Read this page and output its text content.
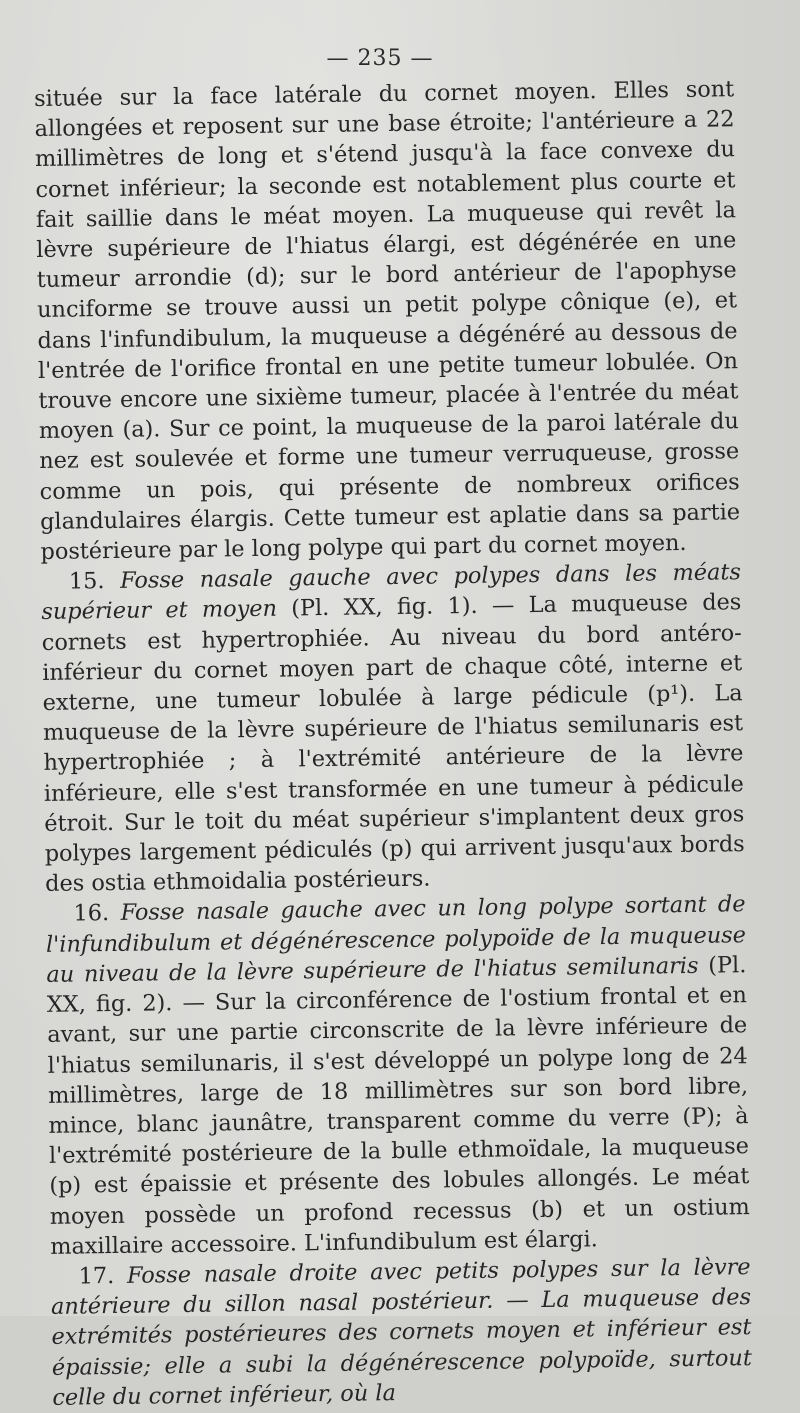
— 235 —

située sur la face latérale du cornet moyen. Elles sont allongées et reposent sur une base étroite; l'antérieure a 22 millimètres de long et s'étend jusqu'à la face convexe du cornet inférieur; la seconde est notablement plus courte et fait saillie dans le méat moyen. La muqueuse qui revêt la lèvre supérieure de l'hiatus élargi, est dégénérée en une tumeur arrondie (d); sur le bord antérieur de l'apophyse unciforme se trouve aussi un petit polype cônique (e), et dans l'infundibulum, la muqueuse a dégénéré au dessous de l'entrée de l'orifice frontal en une petite tumeur lobulée. On trouve encore une sixième tumeur, placée à l'entrée du méat moyen (a). Sur ce point, la muqueuse de la paroi latérale du nez est soulevée et forme une tumeur verruqueuse, grosse comme un pois, qui présente de nombreux orifices glandulaires élargis. Cette tumeur est aplatie dans sa partie postérieure par le long polype qui part du cornet moyen.

15. Fosse nasale gauche avec polypes dans les méats supérieur et moyen (Pl. XX, fig. 1). — La muqueuse des cornets est hypertrophiée. Au niveau du bord antéro-inférieur du cornet moyen part de chaque côté, interne et externe, une tumeur lobulée à large pédicule (p¹). La muqueuse de la lèvre supérieure de l'hiatus semilunaris est hypertrophiée ; à l'extrémité antérieure de la lèvre inférieure, elle s'est transformée en une tumeur à pédicule étroit. Sur le toit du méat supérieur s'implantent deux gros polypes largement pédiculés (p) qui arrivent jusqu'aux bords des ostia ethmoidalia postérieurs.

16. Fosse nasale gauche avec un long polype sortant de l'infundibulum et dégénérescence polypoïde de la muqueuse au niveau de la lèvre supérieure de l'hiatus semilunaris (Pl. XX, fig. 2). — Sur la circonférence de l'ostium frontal et en avant, sur une partie circonscrite de la lèvre inférieure de l'hiatus semilunaris, il s'est développé un polype long de 24 millimètres, large de 18 millimètres sur son bord libre, mince, blanc jaunâtre, transparent comme du verre (P); à l'extrémité postérieure de la bulle ethmoïdale, la muqueuse (p) est épaissie et présente des lobules allongés. Le méat moyen possède un profond recessus (b) et un ostium maxillaire accessoire. L'infundibulum est élargi.

17. Fosse nasale droite avec petits polypes sur la lèvre antérieure du sillon nasal postérieur. — La muqueuse des extrémités postérieures des cornets moyen et inférieur est épaissie; elle a subi la dégénérescence polypoïde, surtout celle du cornet inférieur, où la
